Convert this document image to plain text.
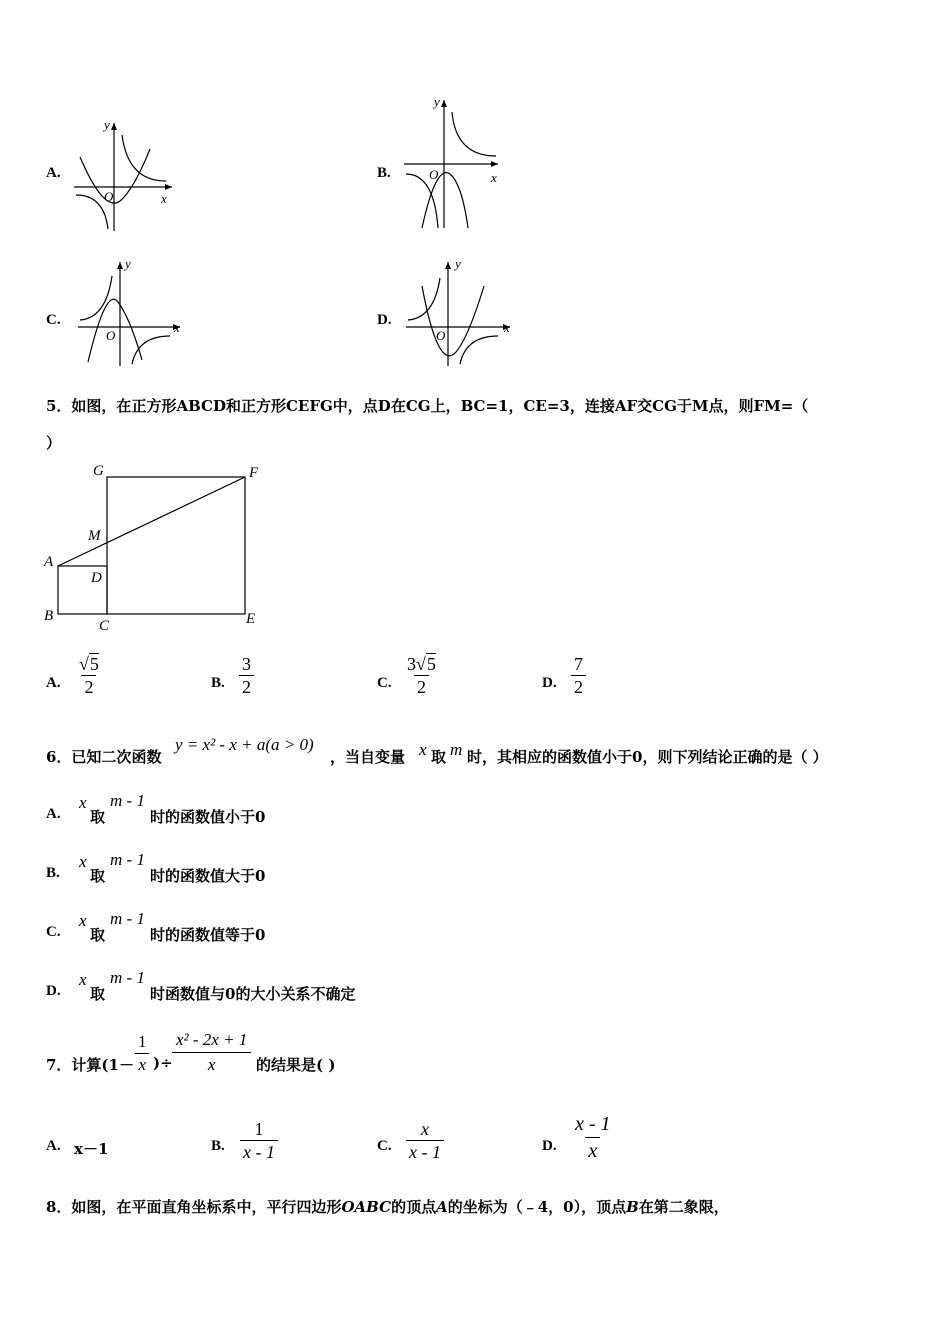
A.
x
y
O
B.	x
y
O
C.	x
y
O
D.	x
y
O
5．如图，在正方形ABCD和正方形CEFG中，点D在CG上，BC=1，CE=3，连接AF交CG于M点，则FM=（
）
G	F
M
A
D
B
C	E
A. $\frac{√5}{2}$	B. $\frac{3}{2}$	C. $\frac{3√5}{2}$	D. $\frac{7}{2}$
6．已知二次函数
y = x² - x + a(a > 0)
，当自变量 x 取 m 时，其相应的函数值小于0，则下列结论正确的是（ ）
A.
x
取
m - 1
时的函数值小于0
B.
x
取
m - 1
时的函数值大于0
C.
x
取
m - 1
时的函数值等于0
D.
x
取
m - 1
时函数值与0的大小关系不确定
7．计算($1- \frac{1}{x}$ )÷
$\frac{\text{x² - 2x + 1}}{x}$ 的结果是( )
A. x－1	B. $\frac{1}{x - 1}$	C. $\frac{x}{x - 1}$	D. $\frac{x - 1}{x}$
8．如图，在平面直角坐标系中，平行四边形OABC的顶点A的坐标为（﹣4，0），顶点B在第二象限，
